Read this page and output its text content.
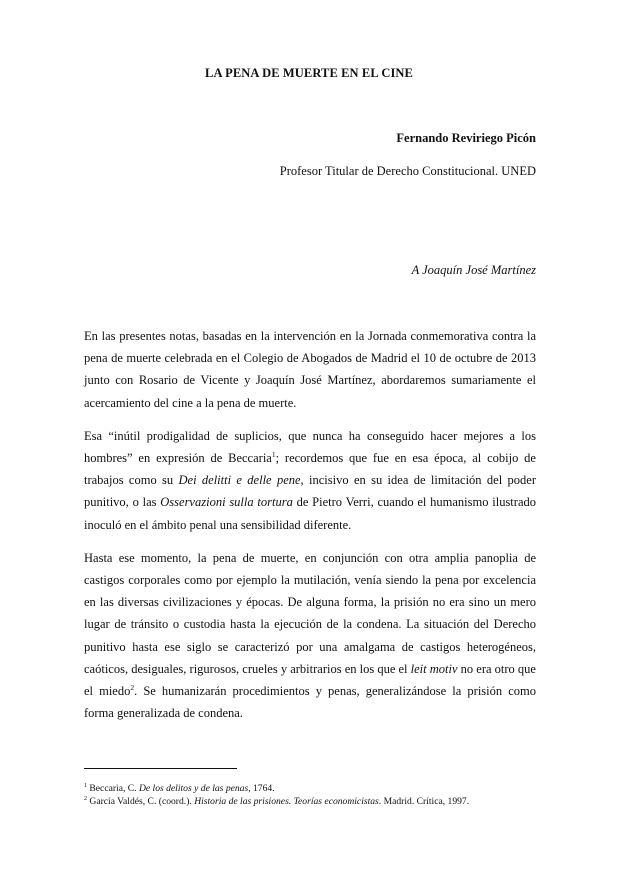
LA PENA DE MUERTE EN EL CINE
Fernando Reviriego Picón
Profesor Titular de Derecho Constitucional. UNED
A Joaquín José Martínez

En las presentes notas, basadas en la intervención en la Jornada conmemorativa contra la pena de muerte celebrada en el Colegio de Abogados de Madrid el 10 de octubre de 2013 junto con Rosario de Vicente y Joaquín José Martínez, abordaremos sumariamente el acercamiento del cine a la pena de muerte.

Esa “inútil prodigalidad de suplicios, que nunca ha conseguido hacer mejores a los hombres” en expresión de Beccaria$^1$; recordemos que fue en esa época, al cobijo de trabajos como su Dei delitti e delle pene, incisivo en su idea de limitación del poder punitivo, o las Osservazioni sulla tortura de Pietro Verri, cuando el humanismo ilustrado inoculó en el ámbito penal una sensibilidad diferente.

Hasta ese momento, la pena de muerte, en conjunción con otra amplia panoplia de castigos corporales como por ejemplo la mutilación, venía siendo la pena por excelencia en las diversas civilizaciones y épocas. De alguna forma, la prisión no era sino un mero lugar de tránsito o custodia hasta la ejecución de la condena. La situación del Derecho punitivo hasta ese siglo se caracterizó por una amalgama de castigos heterogéneos, caóticos, desiguales, rigurosos, crueles y arbitrarios en los que el leit motiv no era otro que el miedo$^2$. Se humanizarán procedimientos y penas, generalizándose la prisión como forma generalizada de condena.

$^1$ Beccaria, C. De los delitos y de las penas, 1764.
$^2$ García Valdés, C. (coord.). Historia de las prisiones. Teorías economicistas. Madrid. Crítica, 1997.
